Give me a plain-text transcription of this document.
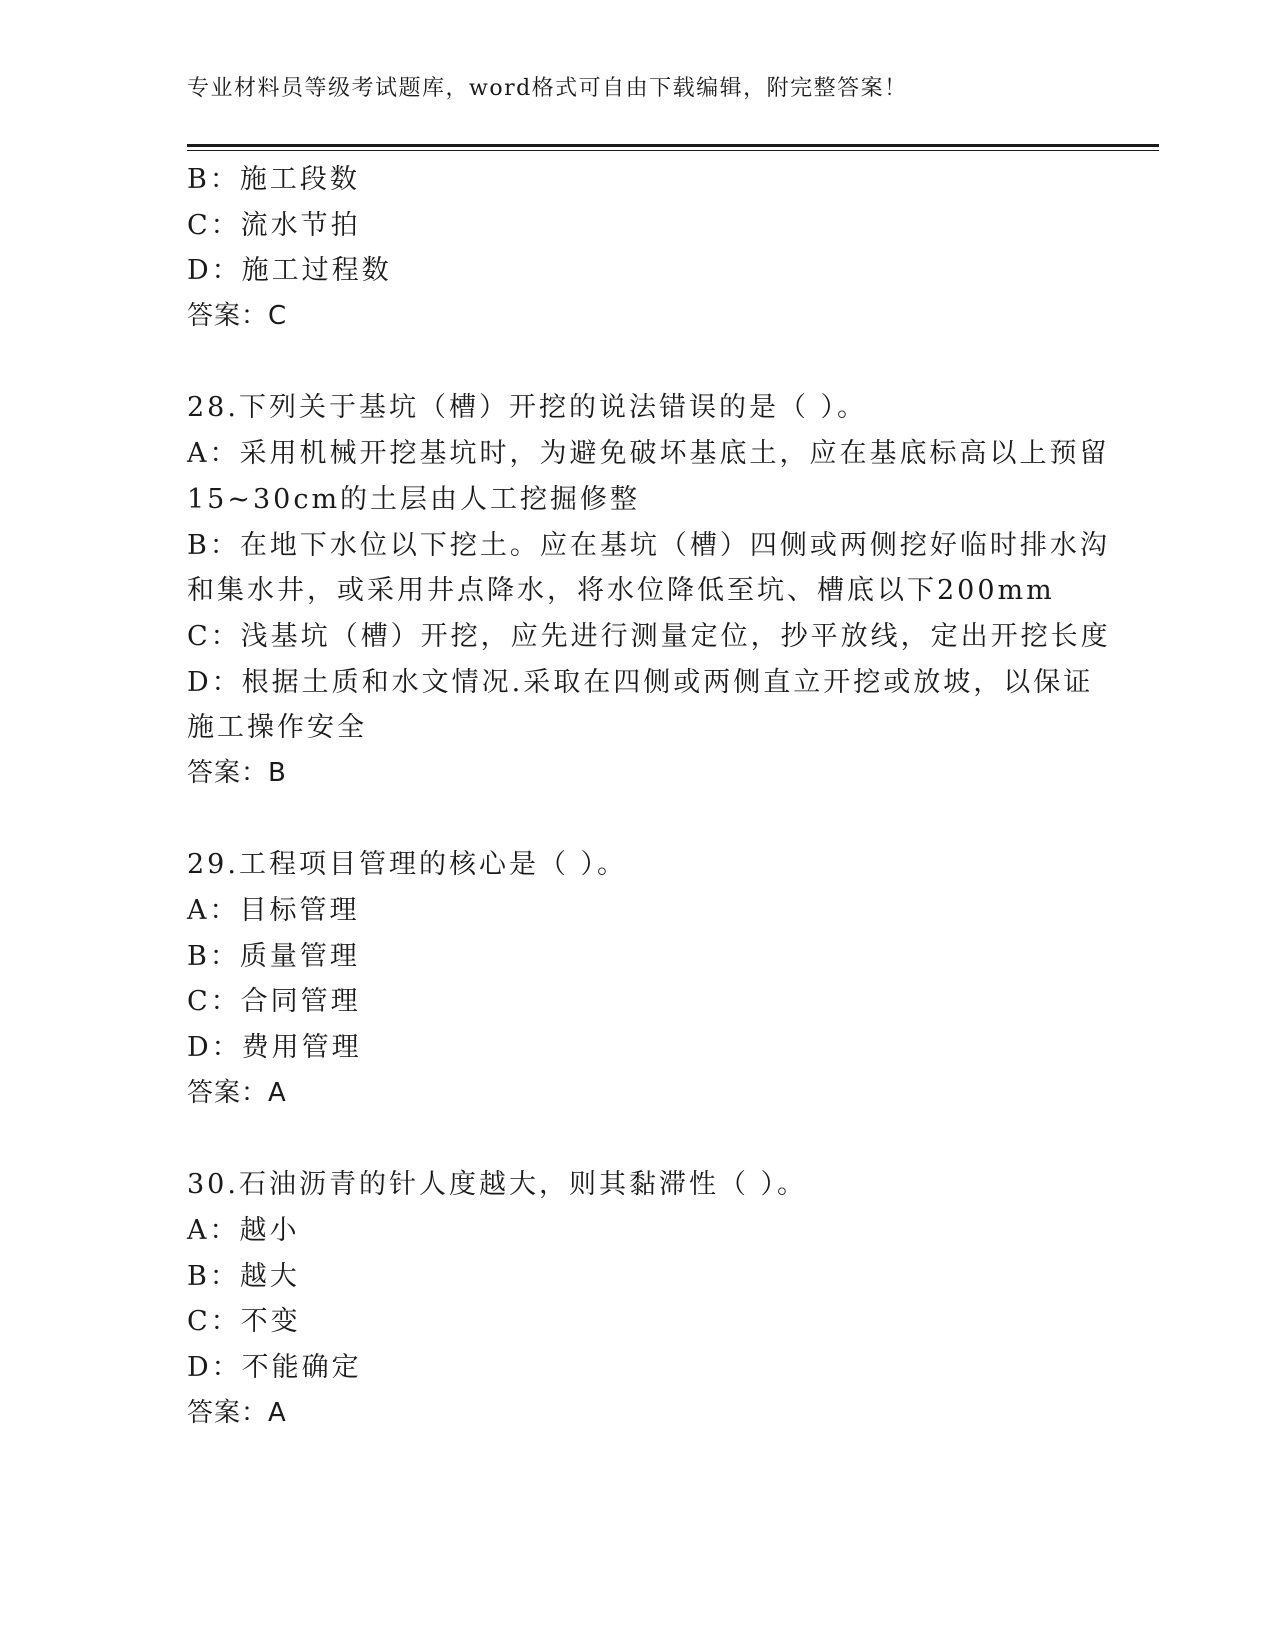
专业材料员等级考试题库，word格式可自由下载编辑，附完整答案！
B：施工段数
C：流水节拍
D：施工过程数
答案：C
28.下列关于基坑（槽）开挖的说法错误的是（ ）。
A：采用机械开挖基坑时，为避免破坏基底土，应在基底标高以上预留
15~30cm的土层由人工挖掘修整
B：在地下水位以下挖土。应在基坑（槽）四侧或两侧挖好临时排水沟
和集水井，或采用井点降水，将水位降低至坑、槽底以下200mm
C：浅基坑（槽）开挖，应先进行测量定位，抄平放线，定出开挖长度
D：根据土质和水文情况.采取在四侧或两侧直立开挖或放坡，以保证
施工操作安全
答案：B
29.工程项目管理的核心是（ ）。
A：目标管理
B：质量管理
C：合同管理
D：费用管理
答案：A
30.石油沥青的针人度越大，则其黏滞性（ ）。
A：越小
B：越大
C：不变
D：不能确定
答案：A
